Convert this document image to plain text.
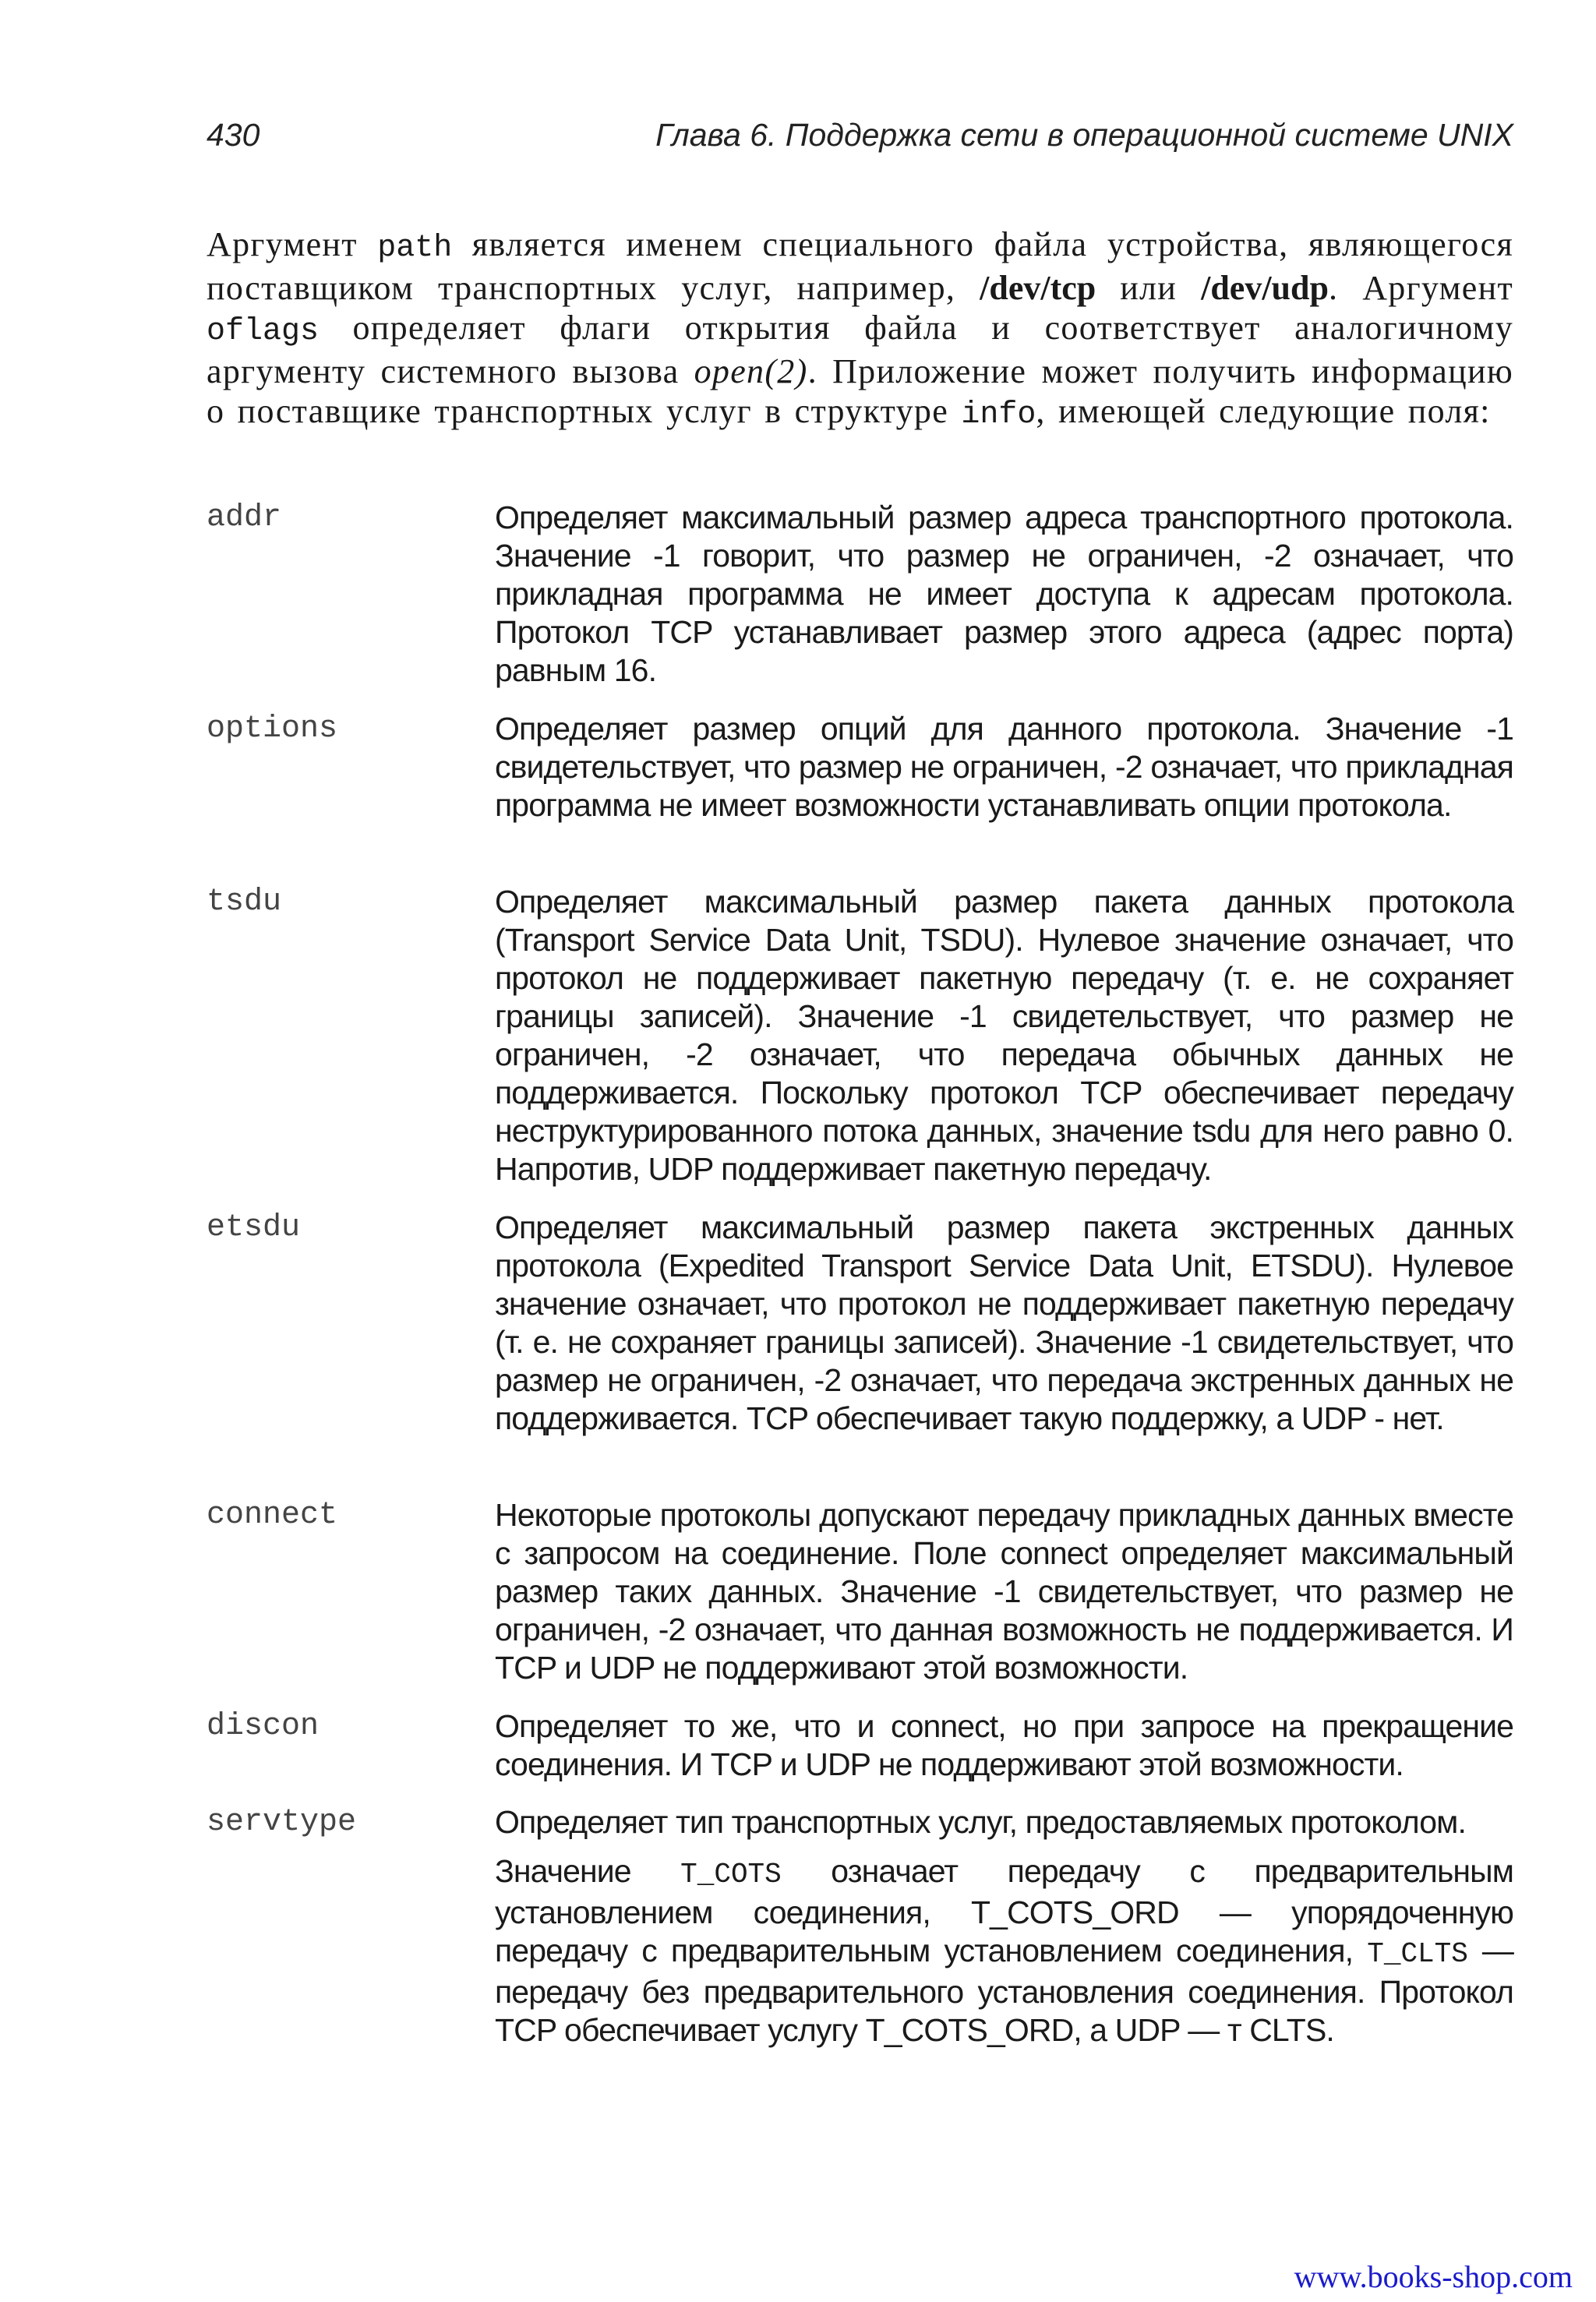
430	Глава 6. Поддержка сети в операционной системе UNIX
Аргумент path является именем специального файла устройства, являющегося поставщиком транспортных услуг, например, /dev/tcp или /dev/udp. Аргумент oflags определяет флаги открытия файла и соответствует аналогичному аргументу системного вызова open(2). Приложение может получить информацию о поставщике транспортных услуг в структуре info, имеющей следующие поля:
addr	Определяет максимальный размер адреса транспортного протокола. Значение -1 говорит, что размер не ограничен, -2 означает, что прикладная программа не имеет доступа к адресам протокола. Протокол TCP устанавливает размер этого адреса (адрес порта) равным 16.
options	Определяет размер опций для данного протокола. Значение -1 свидетельствует, что размер не ограничен, -2 означает, что прикладная программа не имеет возможности устанавливать опции протокола.
tsdu	Определяет максимальный размер пакета данных протокола (Transport Service Data Unit, TSDU). Нулевое значение означает, что протокол не поддерживает пакетную передачу (т. е. не сохраняет границы записей). Значение -1 свидетельствует, что размер не ограничен, -2 означает, что передача обычных данных не поддерживается. Поскольку протокол TCP обеспечивает передачу неструктурированного потока данных, значение tsdu для него равно 0. Напротив, UDP поддерживает пакетную передачу.
etsdu	Определяет максимальный размер пакета экстренных данных протокола (Expedited Transport Service Data Unit, ETSDU). Нулевое значение означает, что протокол не поддерживает пакетную передачу (т. е. не сохраняет границы записей). Значение -1 свидетельствует, что размер не ограничен, -2 означает, что передача экстренных данных не поддерживается. TCP обеспечивает такую поддержку, а UDP - нет.
connect	Некоторые протоколы допускают передачу прикладных данных вместе с запросом на соединение. Поле connect определяет максимальный размер таких данных. Значение -1 свидетельствует, что размер не ограничен, -2 означает, что данная возможность не поддерживается. И TCP и UDP не поддерживают этой возможности.
discon	Определяет то же, что и connect, но при запросе на прекращение соединения. И TCP и UDP не поддерживают этой возможности.
servtype	Определяет тип транспортных услуг, предоставляемых протоколом.

Значение T_COTS означает передачу с предварительным установлением соединения, T_COTS_ORD — упорядоченную передачу с предварительным установлением соединения, T_CLTS — передачу без предварительного установления соединения. Протокол TCP обеспечивает услугу T_COTS_ORD, а UDP — т CLTS.

www.books-shop.com
